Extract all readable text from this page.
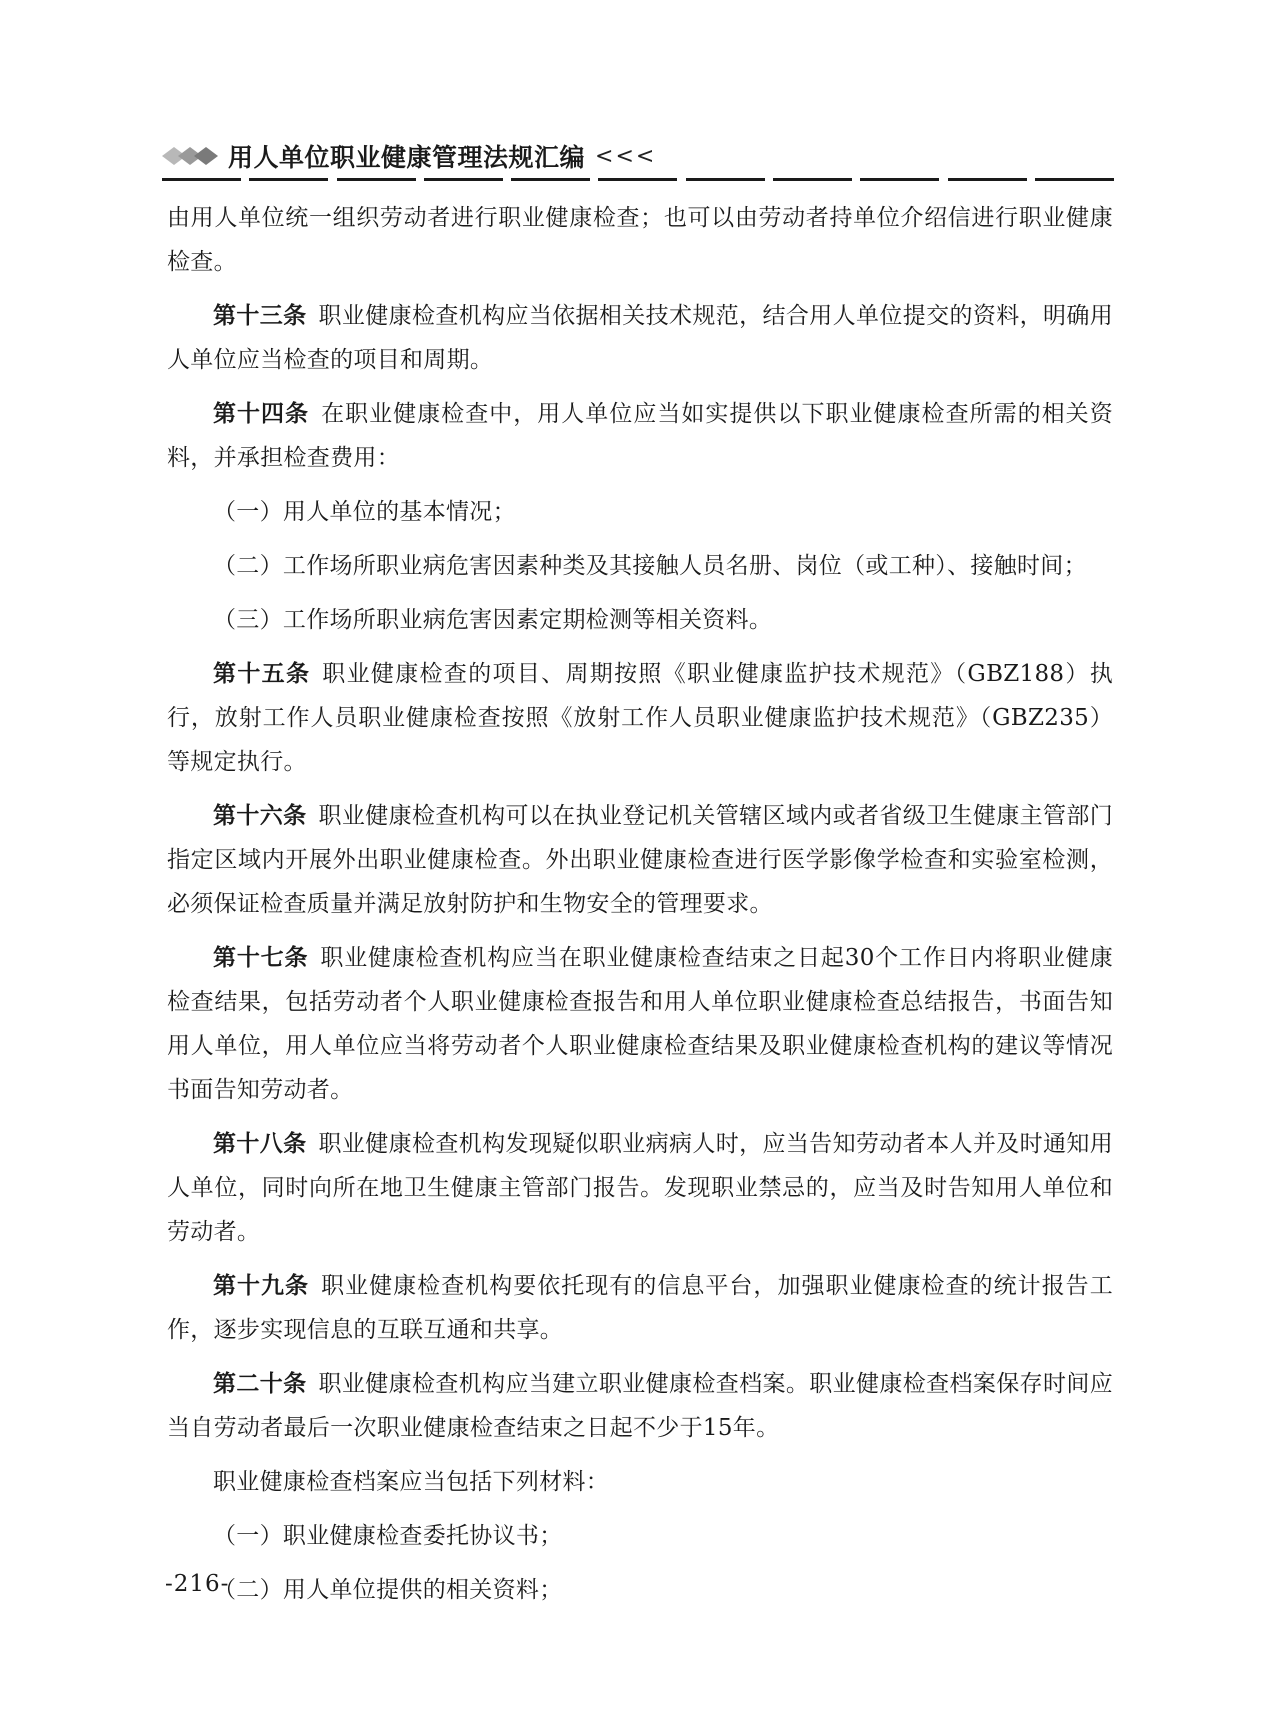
用人单位职业健康管理法规汇编 <<<

由用人单位统一组织劳动者进行职业健康检查；也可以由劳动者持单位介绍信进行职业健康检查。

第十三条 职业健康检查机构应当依据相关技术规范，结合用人单位提交的资料，明确用人单位应当检查的项目和周期。

第十四条 在职业健康检查中，用人单位应当如实提供以下职业健康检查所需的相关资料，并承担检查费用：

（一）用人单位的基本情况；

（二）工作场所职业病危害因素种类及其接触人员名册、岗位（或工种）、接触时间；

（三）工作场所职业病危害因素定期检测等相关资料。

第十五条 职业健康检查的项目、周期按照《职业健康监护技术规范》（GBZ188）执行，放射工作人员职业健康检查按照《放射工作人员职业健康监护技术规范》（GBZ235）等规定执行。

第十六条 职业健康检查机构可以在执业登记机关管辖区域内或者省级卫生健康主管部门指定区域内开展外出职业健康检查。外出职业健康检查进行医学影像学检查和实验室检测，必须保证检查质量并满足放射防护和生物安全的管理要求。

第十七条 职业健康检查机构应当在职业健康检查结束之日起30个工作日内将职业健康检查结果，包括劳动者个人职业健康检查报告和用人单位职业健康检查总结报告，书面告知用人单位，用人单位应当将劳动者个人职业健康检查结果及职业健康检查机构的建议等情况书面告知劳动者。

第十八条 职业健康检查机构发现疑似职业病病人时，应当告知劳动者本人并及时通知用人单位，同时向所在地卫生健康主管部门报告。发现职业禁忌的，应当及时告知用人单位和劳动者。

第十九条 职业健康检查机构要依托现有的信息平台，加强职业健康检查的统计报告工作，逐步实现信息的互联互通和共享。

第二十条 职业健康检查机构应当建立职业健康检查档案。职业健康检查档案保存时间应当自劳动者最后一次职业健康检查结束之日起不少于15年。

职业健康检查档案应当包括下列材料：

（一）职业健康检查委托协议书；

（二）用人单位提供的相关资料；

-216-
